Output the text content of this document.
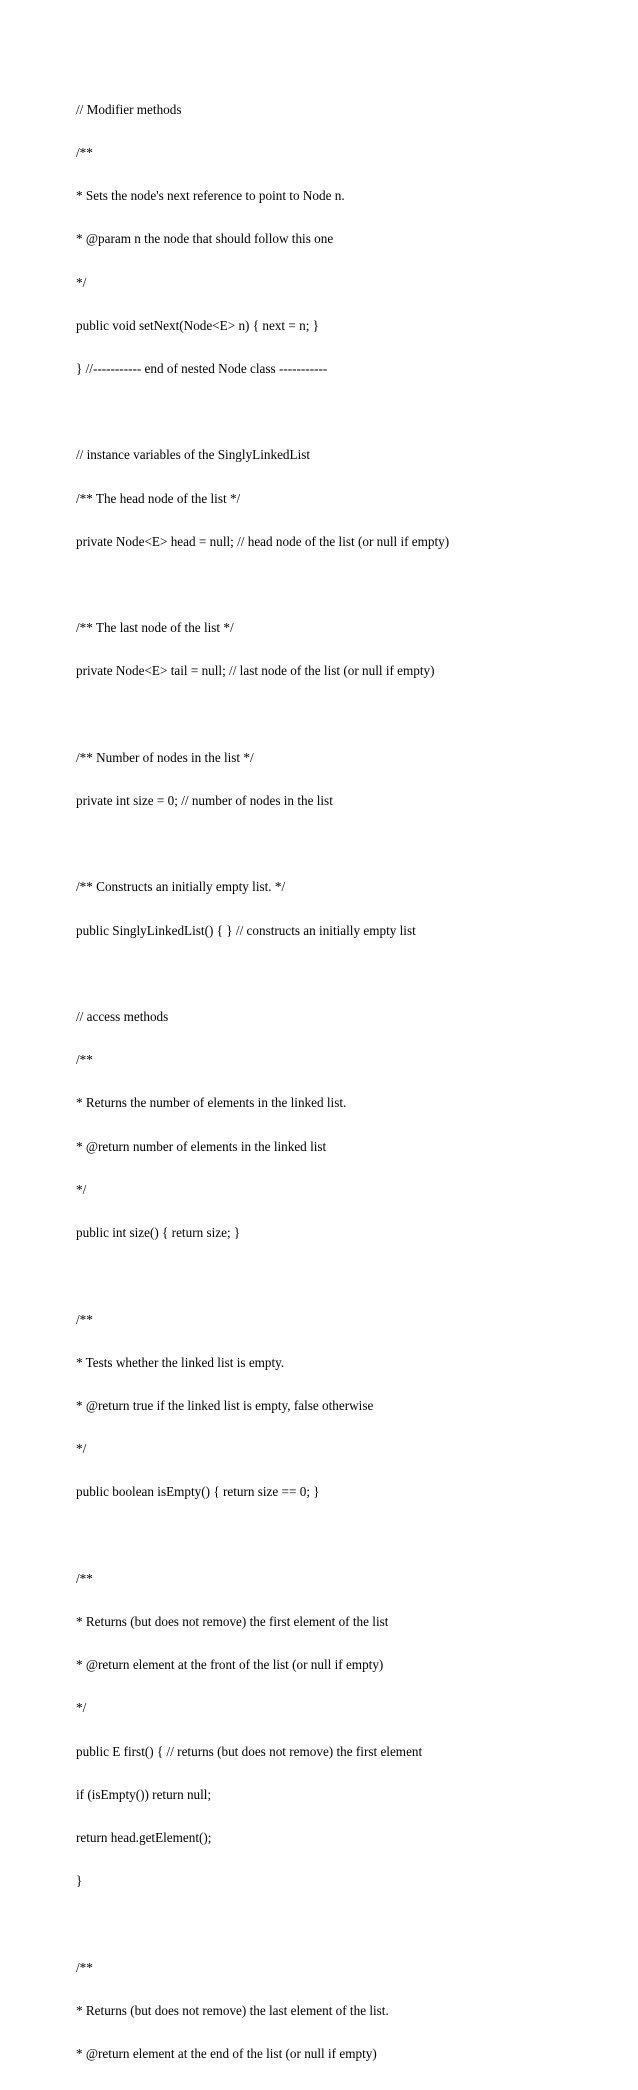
// Modifier methods

/**

* Sets the node's next reference to point to Node n.

* @param n the node that should follow this one

*/

public void setNext(Node<E> n) { next = n; }

} //----------- end of nested Node class -----------

// instance variables of the SinglyLinkedList

/** The head node of the list */

private Node<E> head = null; // head node of the list (or null if empty)

/** The last node of the list */

private Node<E> tail = null; // last node of the list (or null if empty)

/** Number of nodes in the list */

private int size = 0; // number of nodes in the list

/** Constructs an initially empty list. */

public SinglyLinkedList() { } // constructs an initially empty list

// access methods

/**

* Returns the number of elements in the linked list.

* @return number of elements in the linked list

*/

public int size() { return size; }

/**

* Tests whether the linked list is empty.

* @return true if the linked list is empty, false otherwise

*/

public boolean isEmpty() { return size == 0; }

/**

* Returns (but does not remove) the first element of the list

* @return element at the front of the list (or null if empty)

*/

public E first() { // returns (but does not remove) the first element

if (isEmpty()) return null;

return head.getElement();

}

/**

* Returns (but does not remove) the last element of the list.

* @return element at the end of the list (or null if empty)
